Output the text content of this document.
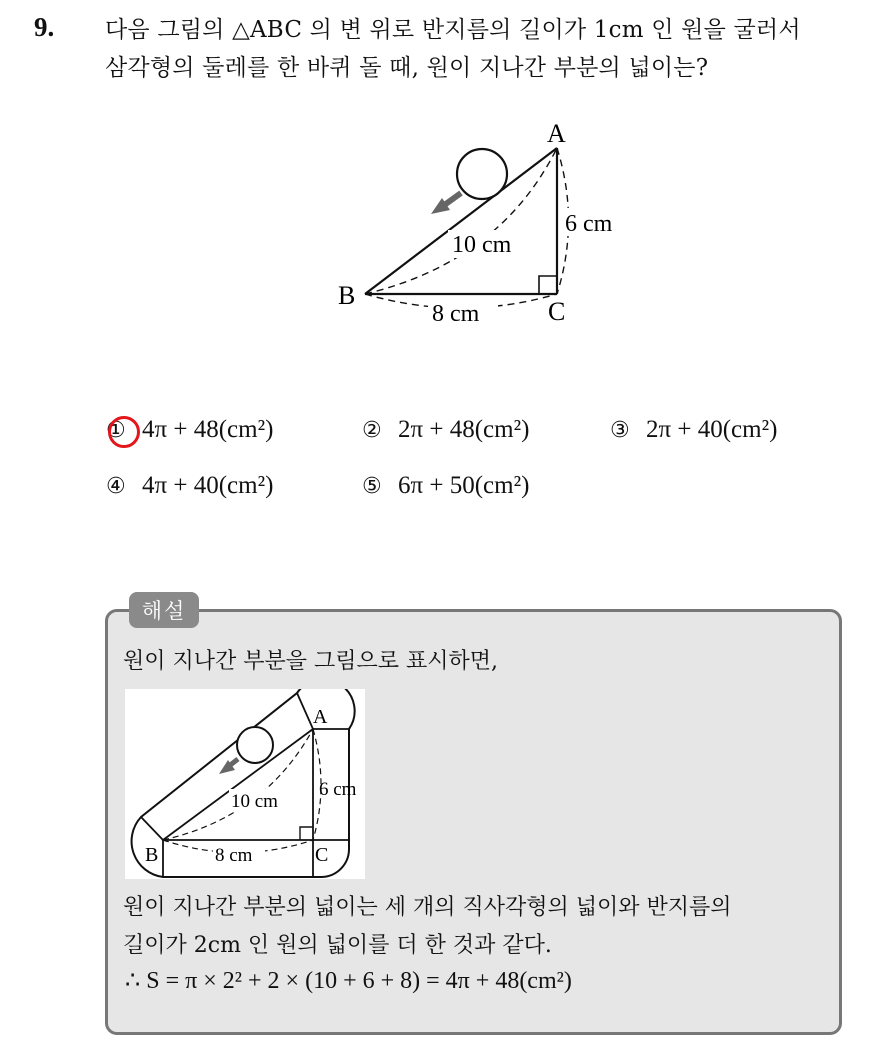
9. 다음 그림의 △ABC 의 변 위로 반지름의 길이가 1cm 인 원을 굴러서
삼각형의 둘레를 한 바퀴 돌 때, 원이 지나간 부분의 넓이는?
A
B
C
10 cm
6 cm
8 cm
① 4π + 48(cm²)	② 2π + 48(cm²)	③ 2π + 40(cm²)
④ 4π + 40(cm²)	⑤ 6π + 50(cm²)
해설
원이 지나간 부분을 그림으로 표시하면,
A
B	C
10 cm
6 cm
8 cm
원이 지나간 부분의 넓이는 세 개의 직사각형의 넓이와 반지름의
길이가 2cm 인 원의 넓이를 더 한 것과 같다.
∴ S = π × 2² + 2 × (10 + 6 + 8) = 4π + 48(cm²)
